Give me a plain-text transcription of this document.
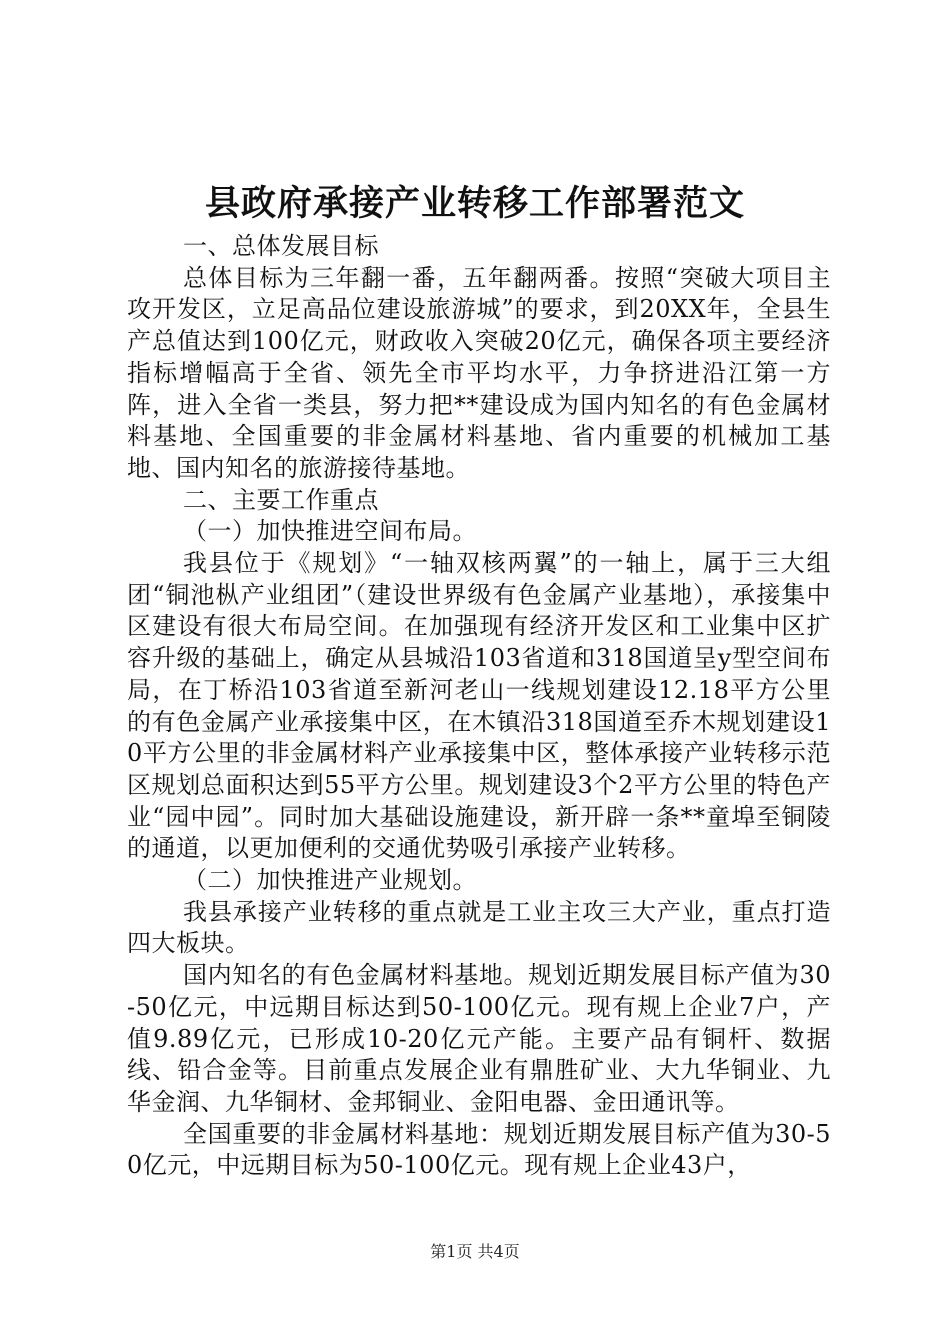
县政府承接产业转移工作部署范文

一、总体发展目标

总体目标为三年翻一番，五年翻两番。按照“突破大项目主攻开发区，立足高品位建设旅游城”的要求，到20XX年，全县生产总值达到100亿元，财政收入突破20亿元，确保各项主要经济指标增幅高于全省、领先全市平均水平，力争挤进沿江第一方阵，进入全省一类县，努力把**建设成为国内知名的有色金属材料基地、全国重要的非金属材料基地、省内重要的机械加工基地、国内知名的旅游接待基地。

二、主要工作重点

（一）加快推进空间布局。

我县位于《规划》“一轴双核两翼”的一轴上，属于三大组团“铜池枞产业组团”（建设世界级有色金属产业基地），承接集中区建设有很大布局空间。在加强现有经济开发区和工业集中区扩容升级的基础上，确定从县城沿103省道和318国道呈y型空间布局，在丁桥沿103省道至新河老山一线规划建设12.18平方公里的有色金属产业承接集中区，在木镇沿318国道至乔木规划建设10平方公里的非金属材料产业承接集中区，整体承接产业转移示范区规划总面积达到55平方公里。规划建设3个2平方公里的特色产业“园中园”。同时加大基础设施建设，新开辟一条**童埠至铜陵的通道，以更加便利的交通优势吸引承接产业转移。

（二）加快推进产业规划。

我县承接产业转移的重点就是工业主攻三大产业，重点打造四大板块。

国内知名的有色金属材料基地。规划近期发展目标产值为30-50亿元，中远期目标达到50-100亿元。现有规上企业7户，产值9.89亿元，已形成10-20亿元产能。主要产品有铜杆、数据线、铅合金等。目前重点发展企业有鼎胜矿业、大九华铜业、九华金润、九华铜材、金邦铜业、金阳电器、金田通讯等。

全国重要的非金属材料基地：规划近期发展目标产值为30-50亿元，中远期目标为50-100亿元。现有规上企业43户，

第1页 共4页
